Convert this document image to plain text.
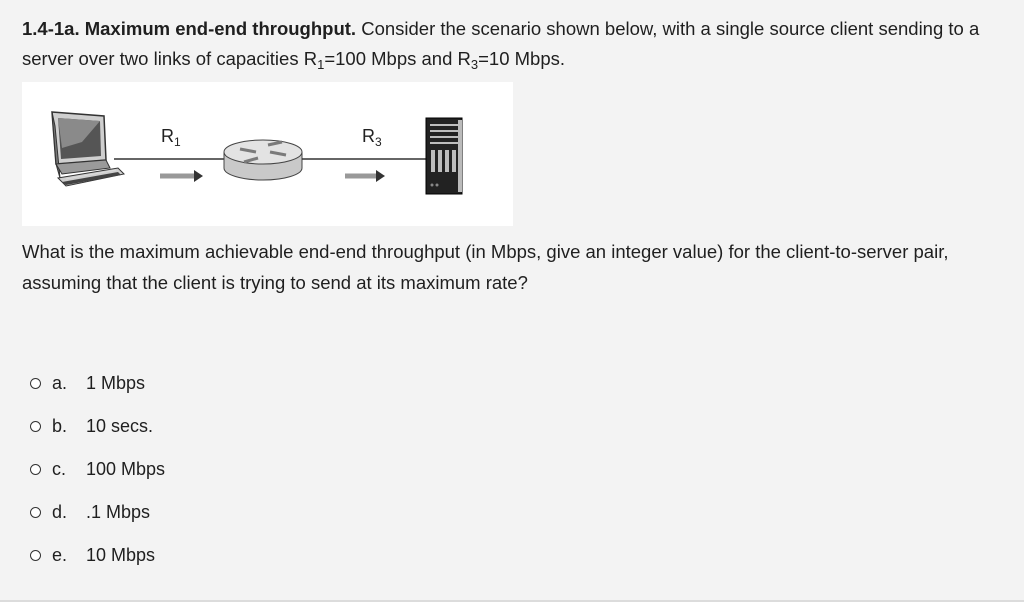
1.4-1a. Maximum end-end throughput. Consider the scenario shown below, with a single source client sending to a server over two links of capacities $R_1=100$ Mbps and $R_3=10$ Mbps.
$R_1$	$R_3$
What is the maximum achievable end-end throughput (in Mbps, give an integer value) for the client-to-server pair, assuming that the client is trying to send at its maximum rate?
a.	1 Mbps
b.	10 secs.
c.	100 Mbps
d.	.1 Mbps
e.	10 Mbps
